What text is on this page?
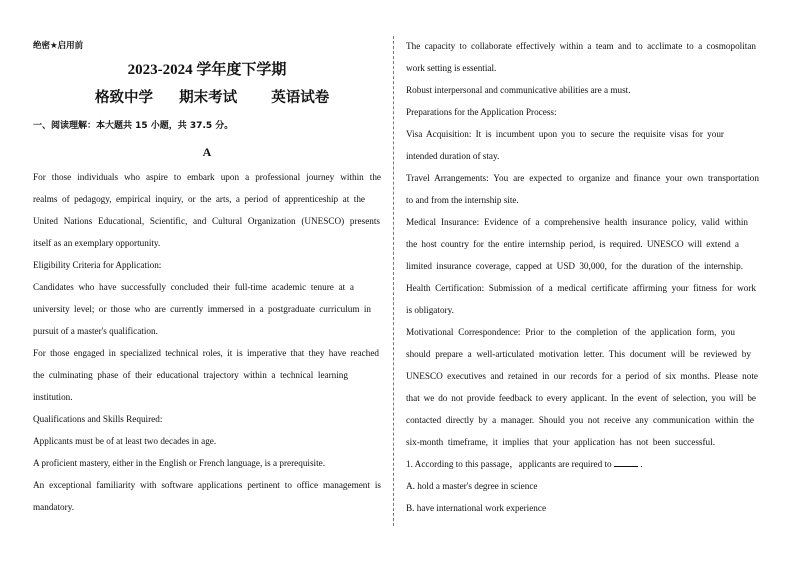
绝密★启用前
2023-2024 学年度下学期
格致中学 期末考试 英语试卷
一、阅读理解：本大题共 15 小题，共 37.5 分。
A
For those individuals who aspire to embark upon a professional journey within the
realms of pedagogy, empirical inquiry, or the arts, a period of apprenticeship at the
United Nations Educational, Scientific, and Cultural Organization (UNESCO) presents
itself as an exemplary opportunity.
Eligibility Criteria for Application:
Candidates who have successfully concluded their full-time academic tenure at a
university level; or those who are currently immersed in a postgraduate curriculum in
pursuit of a master's qualification.
For those engaged in specialized technical roles, it is imperative that they have reached
the culminating phase of their educational trajectory within a technical learning
institution.
Qualifications and Skills Required:
Applicants must be of at least two decades in age.
A proficient mastery, either in the English or French language, is a prerequisite.
An exceptional familiarity with software applications pertinent to office management is
mandatory.
The capacity to collaborate effectively within a team and to acclimate to a cosmopolitan
work setting is essential.
Robust interpersonal and communicative abilities are a must.
Preparations for the Application Process:
Visa Acquisition: It is incumbent upon you to secure the requisite visas for your
intended duration of stay.
Travel Arrangements: You are expected to organize and finance your own transportation
to and from the internship site.
Medical Insurance: Evidence of a comprehensive health insurance policy, valid within
the host country for the entire internship period, is required. UNESCO will extend a
limited insurance coverage, capped at USD 30,000, for the duration of the internship.
Health Certification: Submission of a medical certificate affirming your fitness for work
is obligatory.
Motivational Correspondence: Prior to the completion of the application form, you
should prepare a well-articulated motivation letter. This document will be reviewed by
UNESCO executives and retained in our records for a period of six months. Please note
that we do not provide feedback to every applicant. In the event of selection, you will be
contacted directly by a manager. Should you not receive any communication within the
six-month timeframe, it implies that your application has not been successful.
1. According to this passage，applicants are required to	.
A. hold a master's degree in science
B. have international work experience
